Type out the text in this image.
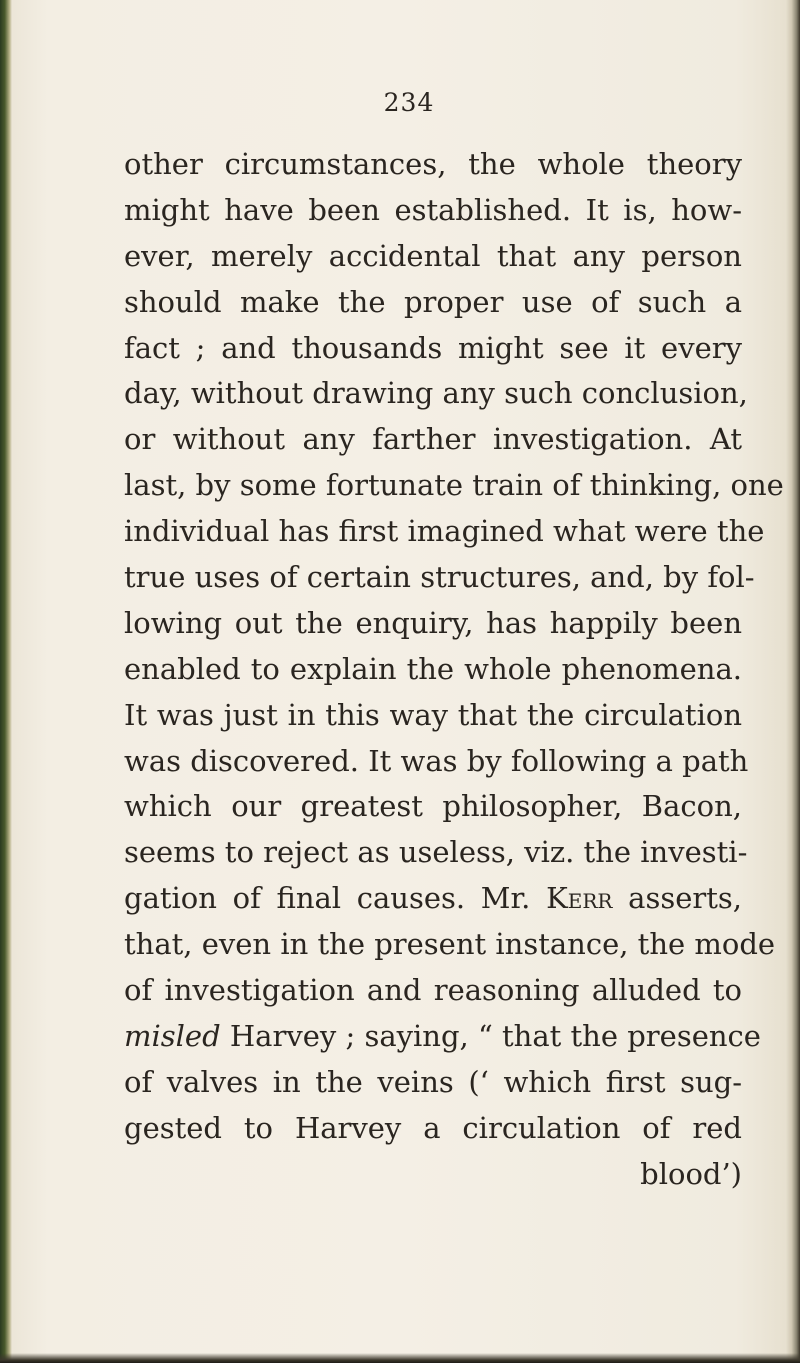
234
other circumstances, the whole theory
might have been established. It is, how-
ever, merely accidental that any person
should make the proper use of such a
fact ; and thousands might see it every
day, without drawing any such conclusion,
or without any farther investigation. At
last, by some fortunate train of thinking, one
individual has first imagined what were the
true uses of certain structures, and, by fol-
lowing out the enquiry, has happily been
enabled to explain the whole phenomena.
It was just in this way that the circulation
was discovered. It was by following a path
which our greatest philosopher, Bacon,
seems to reject as useless, viz. the investi-
gation of final causes. Mr. Kerr asserts,
that, even in the present instance, the mode
of investigation and reasoning alluded to
misled Harvey ; saying, “ that the presence
of valves in the veins (‘ which first sug-
gested to Harvey a circulation of red
blood’)
